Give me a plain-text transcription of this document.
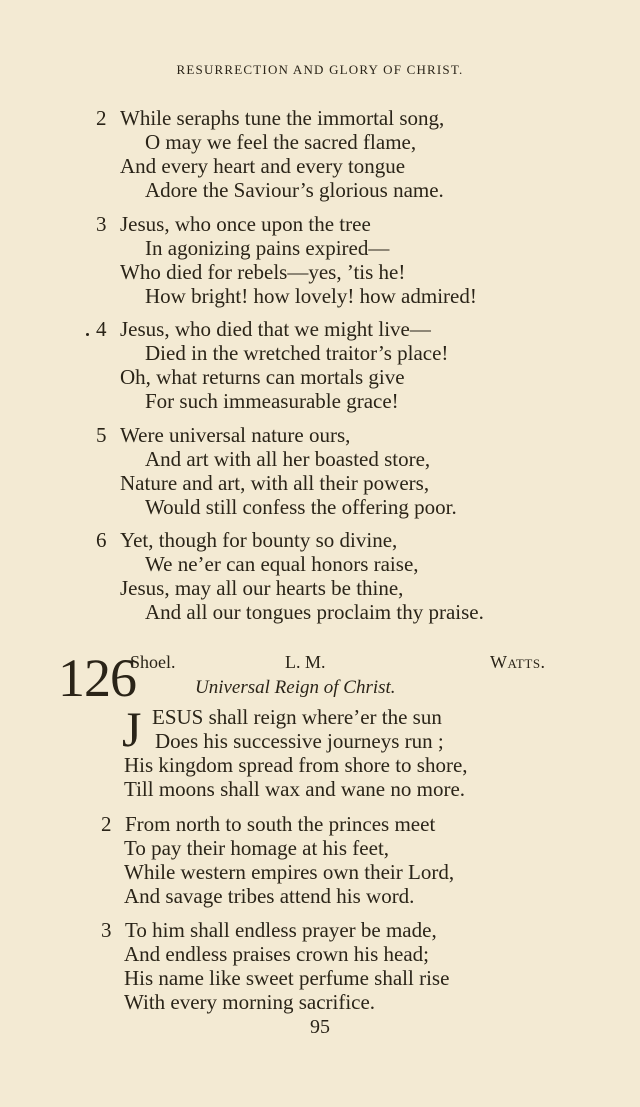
RESURRECTION AND GLORY OF CHRIST.
2 While seraphs tune the immortal song,
O may we feel the sacred flame,
And every heart and every tongue
Adore the Saviour’s glorious name.
3 Jesus, who once upon the tree
In agonizing pains expired—
Who died for rebels—yes, ’tis he!
How bright! how lovely! how admired!
4 Jesus, who died that we might live—
Died in the wretched traitor’s place!
Oh, what returns can mortals give
For such immeasurable grace!
5 Were universal nature ours,
And art with all her boasted store,
Nature and art, with all their powers,
Would still confess the offering poor.
6 Yet, though for bounty so divine,
We ne’er can equal honors raise,
Jesus, may all our hearts be thine,
And all our tongues proclaim thy praise.
126
Shoel.	L. M.	Watts.
Universal Reign of Christ.
J ESUS shall reign where’er the sun
Does his successive journeys run ;
His kingdom spread from shore to shore,
Till moons shall wax and wane no more.
2 From north to south the princes meet
To pay their homage at his feet,
While western empires own their Lord,
And savage tribes attend his word.
3 To him shall endless prayer be made,
And endless praises crown his head;
His name like sweet perfume shall rise
With every morning sacrifice.
95
